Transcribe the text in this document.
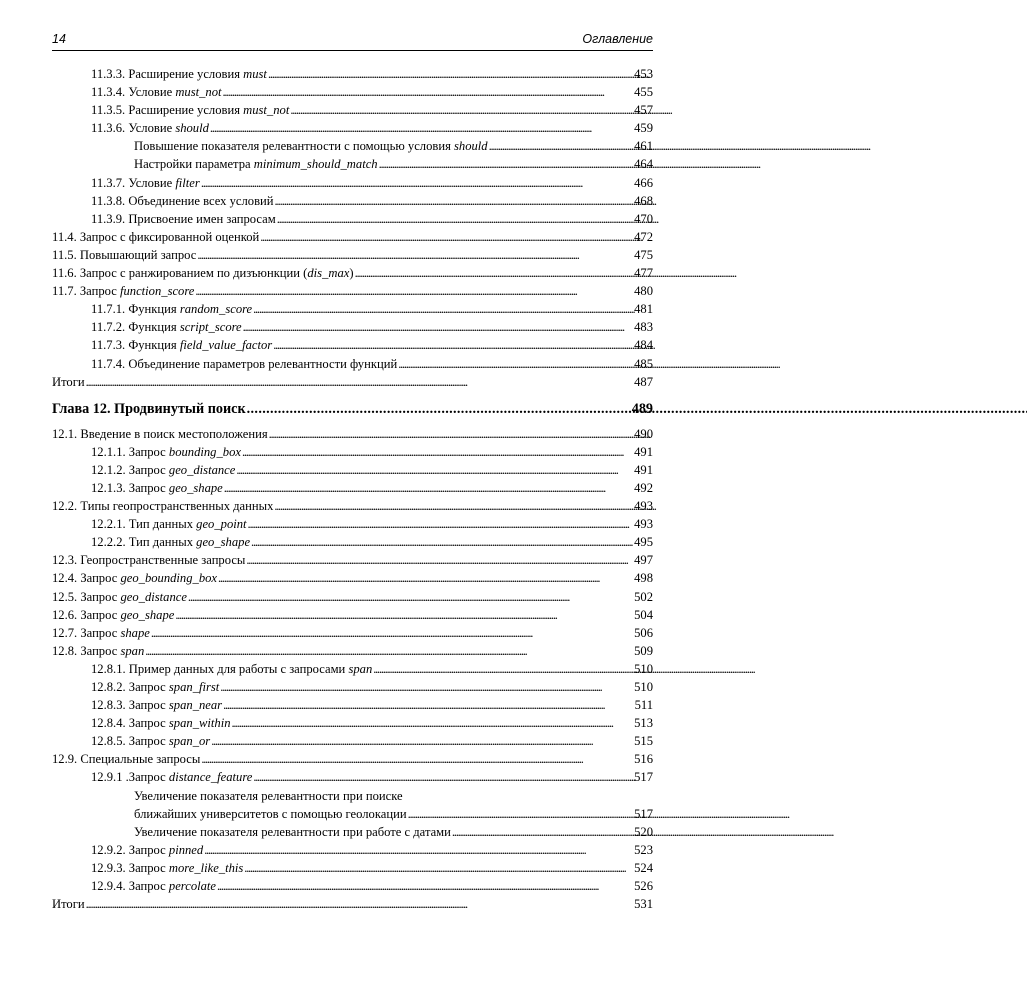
14	Оглавление
11.3.3. Расширение условия must . . .	453
11.3.4. Условие must_not . . .	455
11.3.5. Расширение условия must_not . . .	457
11.3.6. Условие should . . .	459
Повышение показателя релевантности с помощью условия should . . .	461
Настройки параметра minimum_should_match . . .	464
11.3.7. Условие filter . . .	466
11.3.8. Объединение всех условий . . .	468
11.3.9. Присвоение имен запросам . . .	470
11.4. Запрос с фиксированной оценкой . . .	472
11.5. Повышающий запрос . . .	475
11.6. Запрос с ранжированием по дизъюнкции (dis_max) . . .	477
11.7. Запрос function_score . . .	480
11.7.1. Функция random_score . . .	481
11.7.2. Функция script_score . . .	483
11.7.3. Функция field_value_factor . . .	484
11.7.4. Объединение параметров релевантности функций . . .	485
Итоги . . .	487
Глава 12. Продвинутый поиск . . .	489
12.1. Введение в поиск местоположения . . .	490
12.1.1. Запрос bounding_box . . .	491
12.1.2. Запрос geo_distance . . .	491
12.1.3. Запрос geo_shape . . .	492
12.2. Типы геопространственных данных . . .	493
12.2.1. Тип данных geo_point . . .	493
12.2.2. Тип данных geo_shape . . .	495
12.3. Геопространственные запросы . . .	497
12.4. Запрос geo_bounding_box . . .	498
12.5. Запрос geo_distance . . .	502
12.6. Запрос geo_shape . . .	504
12.7. Запрос shape . . .	506
12.8. Запрос span . . .	509
12.8.1. Пример данных для работы с запросами span . . .	510
12.8.2. Запрос span_first . . .	510
12.8.3. Запрос span_near . . .	511
12.8.4. Запрос span_within . . .	513
12.8.5. Запрос span_or . . .	515
12.9. Специальные запросы . . .	516
12.9.1 .Запрос distance_feature . . .	517
Увеличение показателя релевантности при поиске
ближайших университетов с помощью геолокации . . .	517
Увеличение показателя релевантности при работе с датами . . .	520
12.9.2. Запрос pinned . . .	523
12.9.3. Запрос more_like_this . . .	524
12.9.4. Запрос percolate . . .	526
Итоги . . .	531
